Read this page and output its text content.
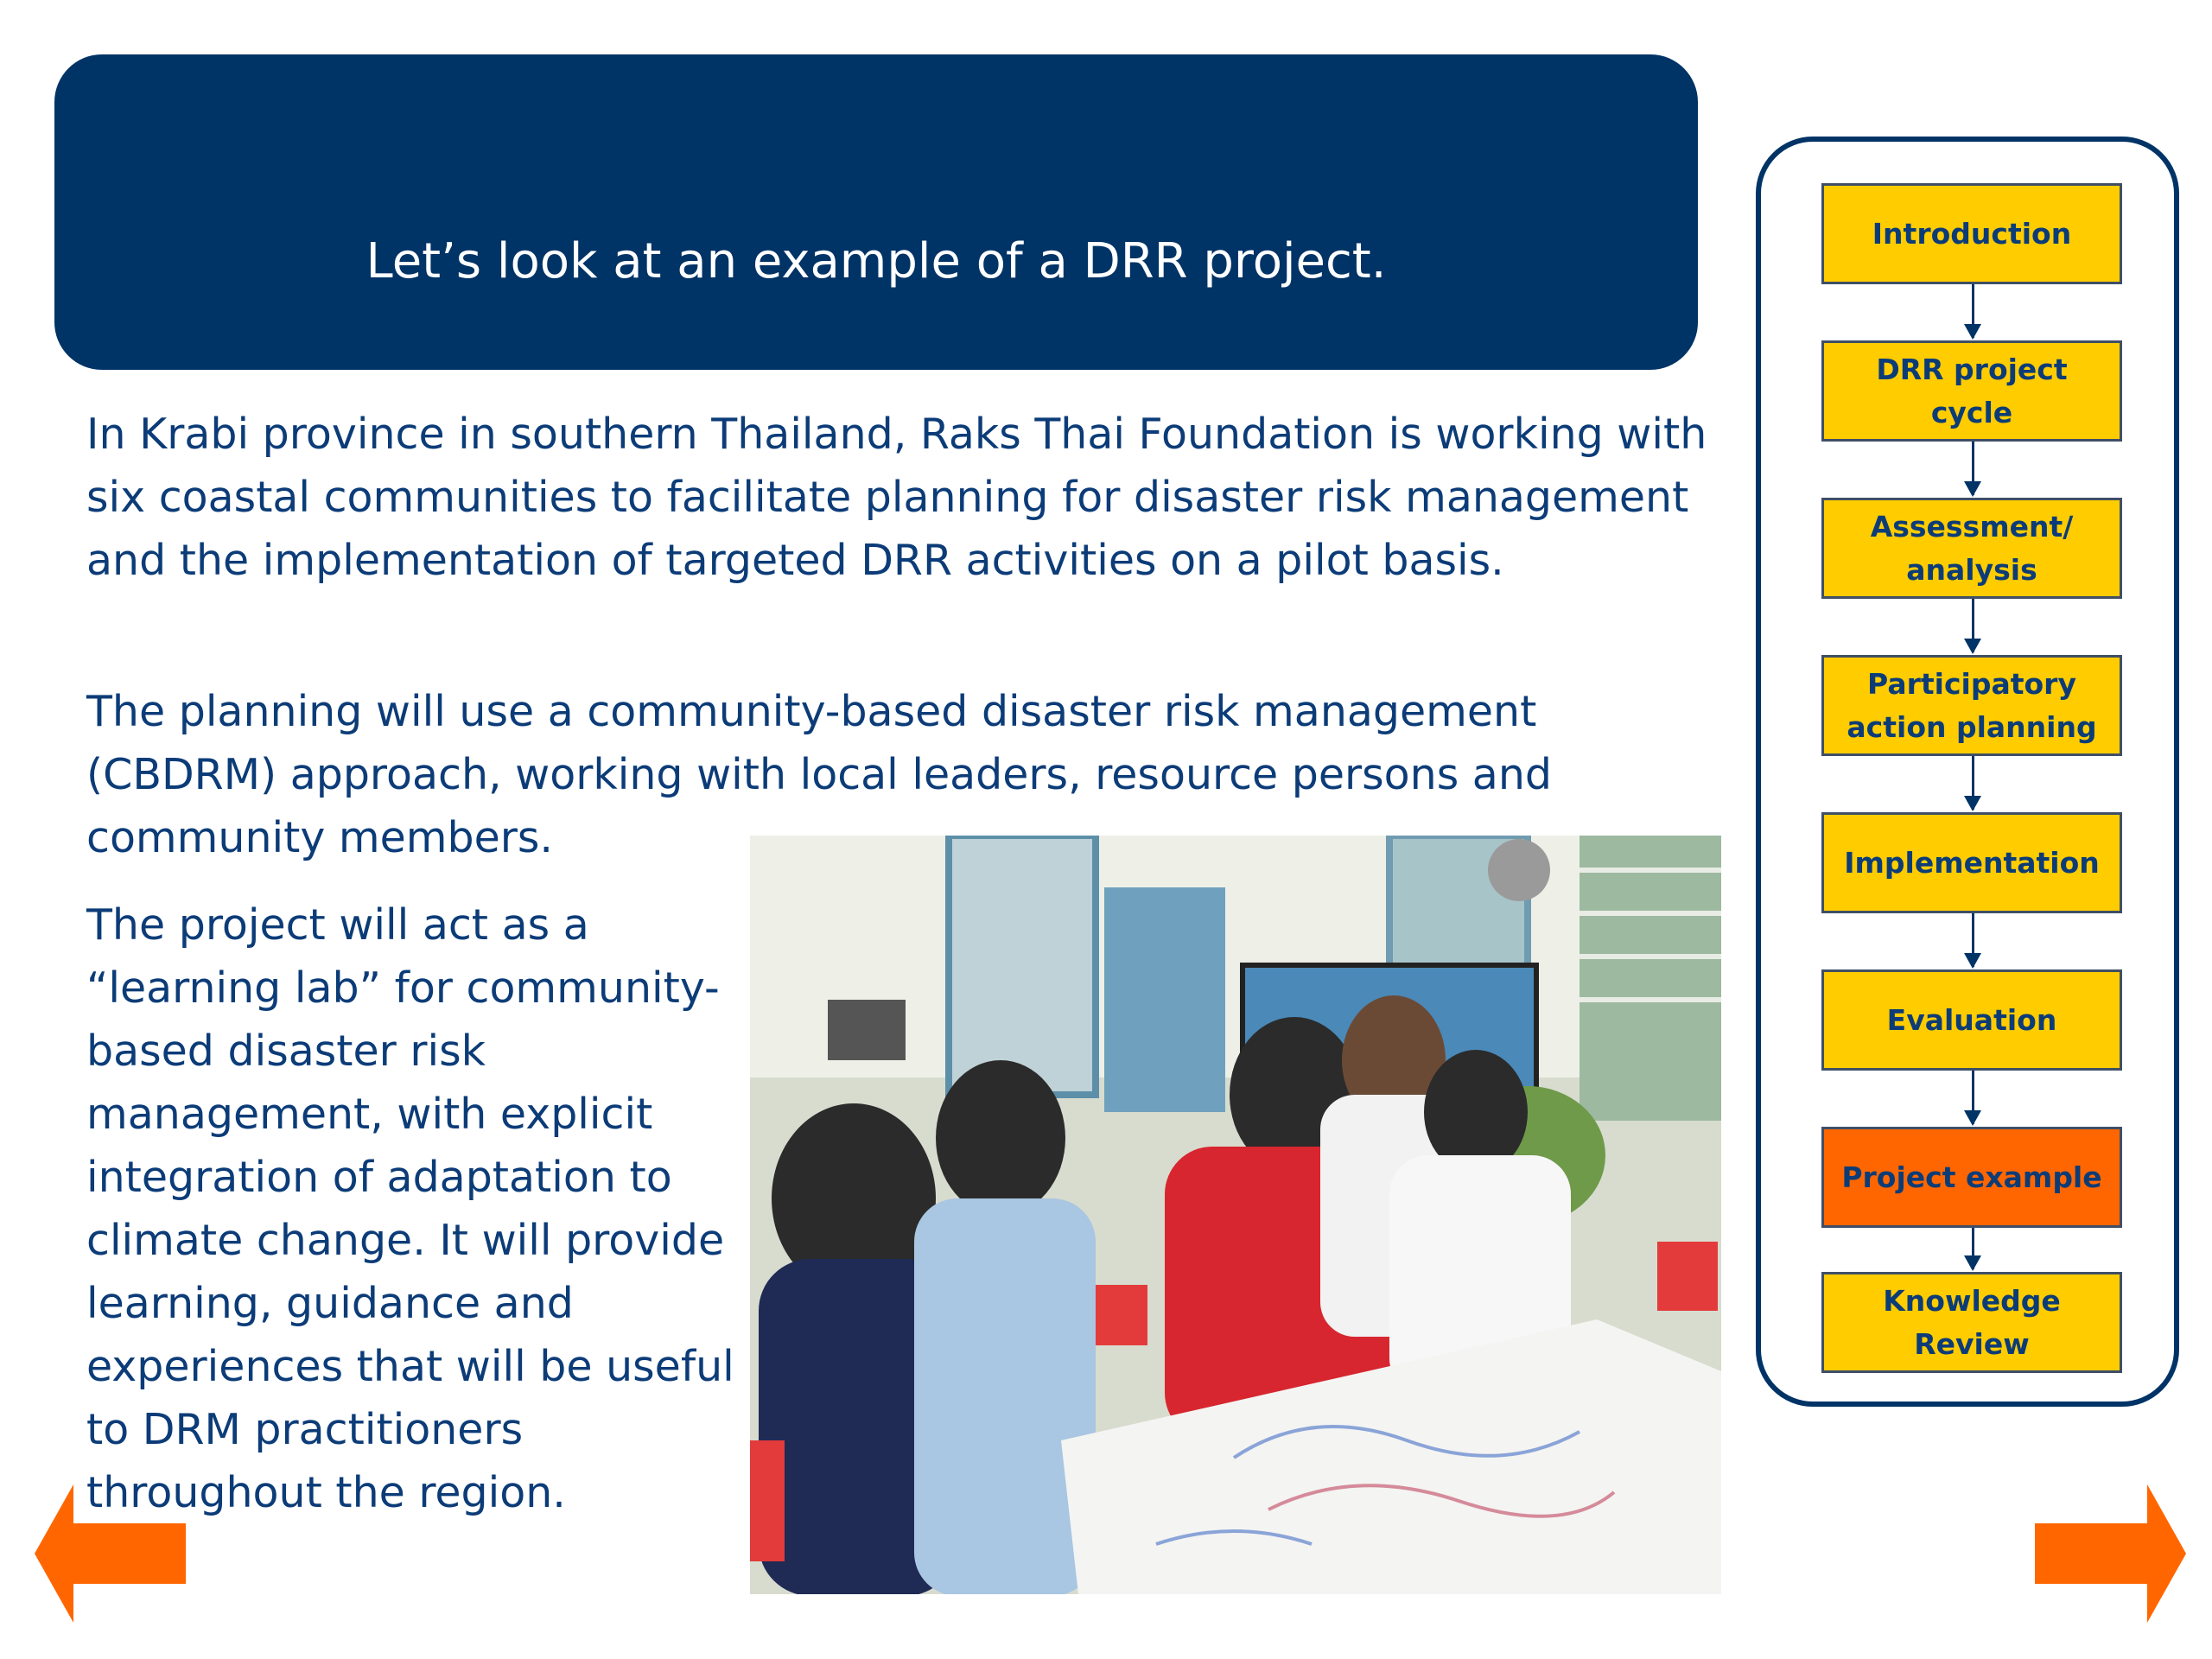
Let’s look at an example of a DRR project.

In Krabi province in southern Thailand, Raks Thai Foundation is working with six coastal communities to facilitate planning for disaster risk management and the implementation of targeted DRR activities on a pilot basis.

The planning will use a community-based disaster risk management (CBDRM) approach, working with local leaders, resource persons and community members.

The project will act as a “learning lab” for community-based disaster risk management, with explicit integration of adaptation to climate change. It will provide learning, guidance and experiences that will be useful to DRM practitioners throughout the region.

Introduction
DRR project
cycle
Assessment/
analysis
Participatory
action planning
Implementation
Evaluation
Project example
Knowledge
Review
